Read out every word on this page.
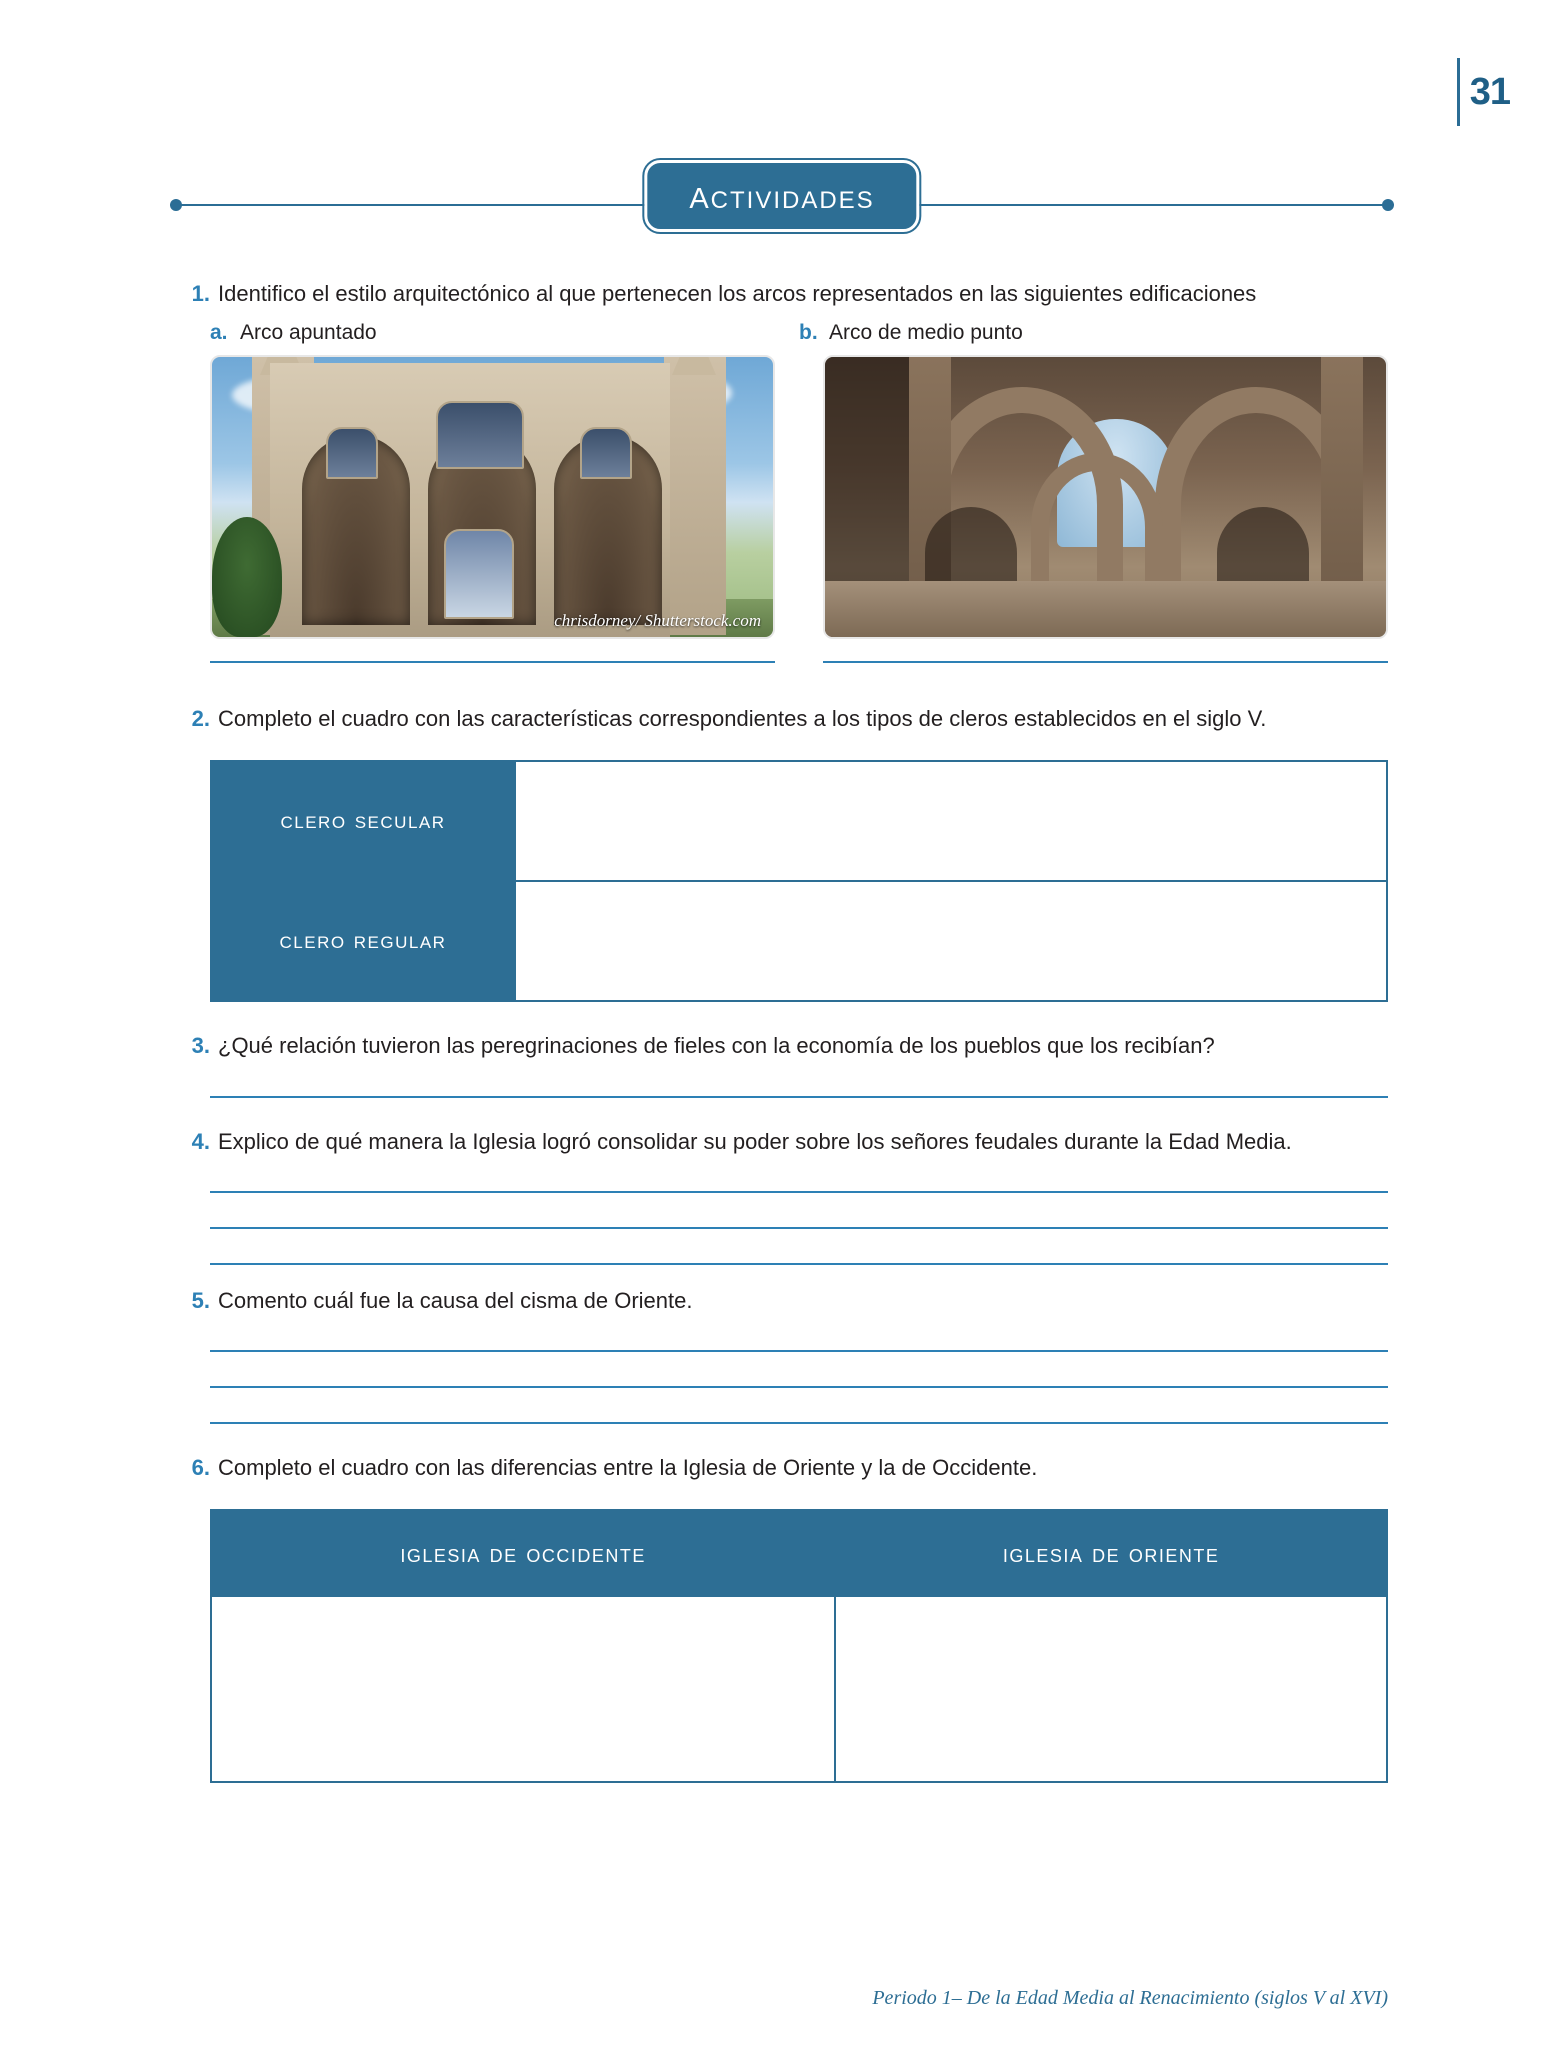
31
actividades
1. Identifico el estilo arquitectónico al que pertenecen los arcos representados en las siguientes edificaciones
a. Arco apuntado	b. Arco de medio punto
chrisdorney/ Shutterstock.com
2. Completo el cuadro con las características correspondientes a los tipos de cleros establecidos en el siglo V.
clero secular	
clero regular	
3. ¿Qué relación tuvieron las peregrinaciones de fieles con la economía de los pueblos que los recibían?
4. Explico de qué manera la Iglesia logró consolidar su poder sobre los señores feudales durante la Edad Media.
5. Comento cuál fue la causa del cisma de Oriente.
6. Completo el cuadro con las diferencias entre la Iglesia de Oriente y la de Occidente.
iglesia de occidente	iglesia de oriente

Periodo 1– De la Edad Media al Renacimiento (siglos V al XVI)
